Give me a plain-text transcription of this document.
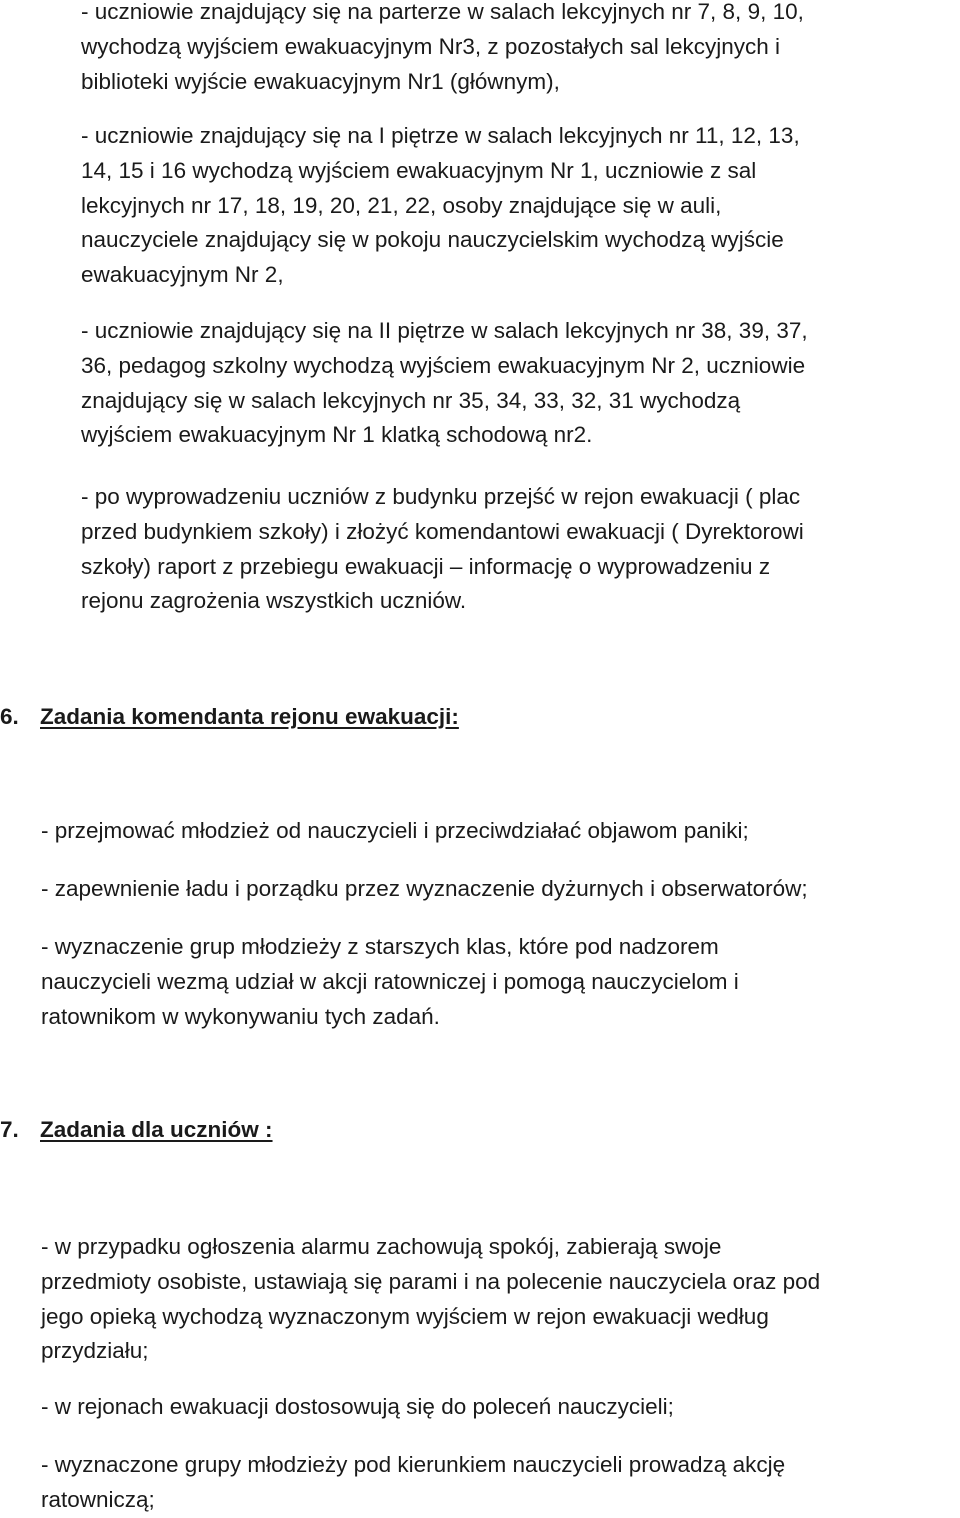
- uczniowie znajdujący się na parterze w salach lekcyjnych nr 7, 8, 9, 10,
wychodzą wyjściem ewakuacyjnym Nr3, z pozostałych sal lekcyjnych i
biblioteki wyjście ewakuacyjnym Nr1 (głównym),
- uczniowie znajdujący się na I piętrze w salach lekcyjnych nr 11, 12, 13,
14, 15 i 16 wychodzą wyjściem ewakuacyjnym Nr 1, uczniowie z sal
lekcyjnych nr 17, 18, 19, 20, 21, 22, osoby znajdujące się w auli,
nauczyciele znajdujący się w pokoju nauczycielskim wychodzą wyjście
ewakuacyjnym Nr 2,
- uczniowie znajdujący się na II piętrze w salach lekcyjnych nr 38, 39, 37,
36, pedagog szkolny wychodzą wyjściem ewakuacyjnym Nr 2, uczniowie
znajdujący się w salach lekcyjnych nr 35, 34, 33, 32, 31 wychodzą
wyjściem ewakuacyjnym Nr 1 klatką schodową nr2.
- po wyprowadzeniu uczniów z budynku przejść w rejon ewakuacji ( plac
przed budynkiem szkoły) i złożyć komendantowi ewakuacji ( Dyrektorowi
szkoły) raport z przebiegu ewakuacji – informację o wyprowadzeniu z
rejonu zagrożenia wszystkich uczniów.
6. Zadania komendanta rejonu ewakuacji:
- przejmować młodzież od nauczycieli i przeciwdziałać objawom paniki;
- zapewnienie ładu i porządku przez wyznaczenie dyżurnych i obserwatorów;
- wyznaczenie grup młodzieży z starszych klas, które pod nadzorem
nauczycieli wezmą udział w akcji ratowniczej i pomogą nauczycielom i
ratownikom w wykonywaniu tych zadań.
7. Zadania dla uczniów :
- w przypadku ogłoszenia alarmu zachowują spokój, zabierają swoje
przedmioty osobiste, ustawiają się parami i na polecenie nauczyciela oraz pod
jego opieką wychodzą wyznaczonym wyjściem w rejon ewakuacji według
przydziału;
- w rejonach ewakuacji dostosowują się do poleceń nauczycieli;
- wyznaczone grupy młodzieży pod kierunkiem nauczycieli prowadzą akcję
ratowniczą;
